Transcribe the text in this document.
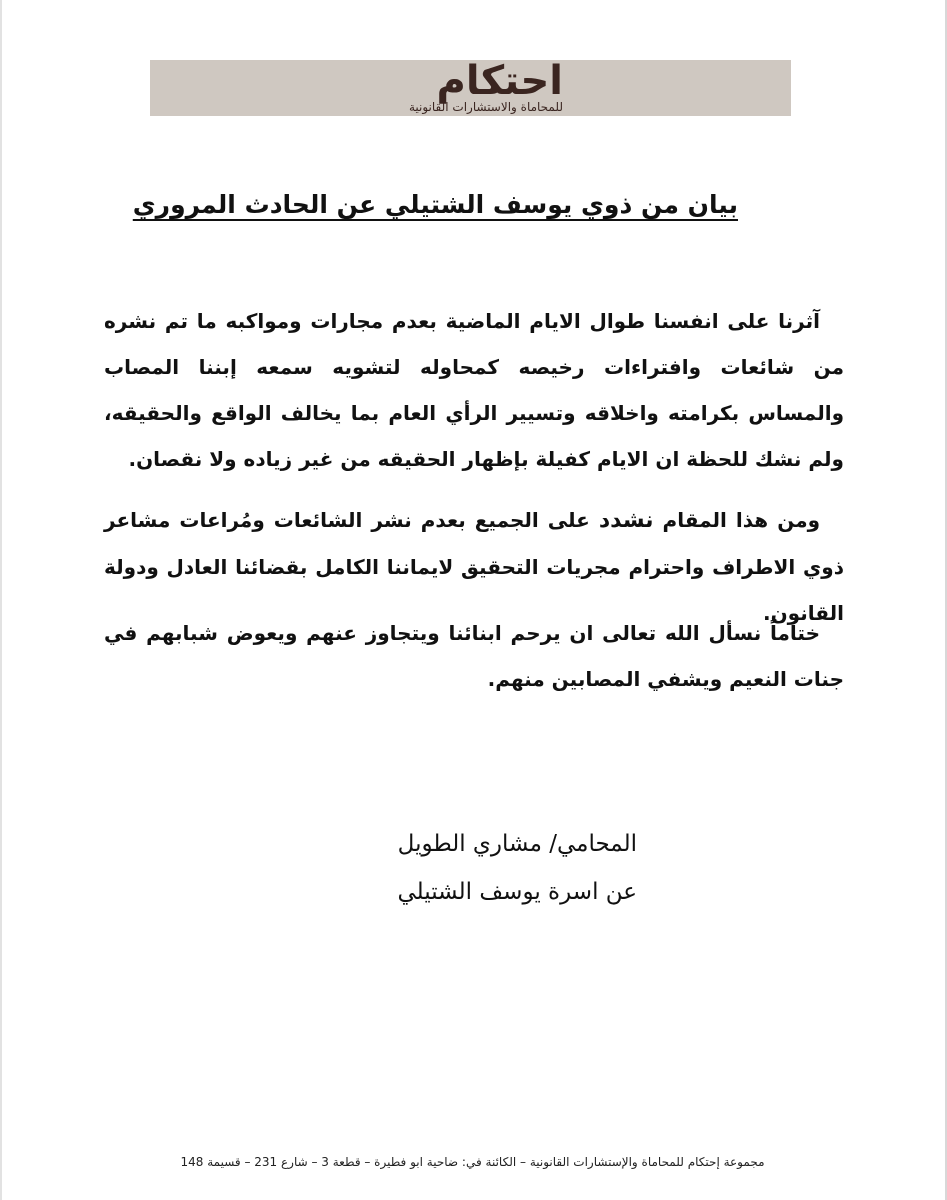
احتكام
للمحاماة والاستشارات القانونية
بيان من ذوي يوسف الشتيلي عن الحادث المروري

آثرنا على انفسنا طوال الايام الماضية بعدم مجارات ومواكبه ما تم نشره من شائعات وافتراءات رخيصه كمحاوله لتشويه سمعه إبننا المصاب والمساس بكرامته واخلاقه وتسيير الرأي العام بما يخالف الواقع والحقيقه، ولم نشك للحظة ان الايام كفيلة بإظهار الحقيقه من غير زياده ولا نقصان.

ومن هذا المقام نشدد على الجميع بعدم نشر الشائعات ومُراعات مشاعر ذوي الاطراف واحترام مجريات التحقيق لايماننا الكامل بقضائنا العادل ودولة القانون.

ختاماً نسأل الله تعالى ان يرحم ابنائنا ويتجاوز عنهم ويعوض شبابهم في جنات النعيم ويشفي المصابين منهم.

المحامي/ مشاري الطويل
عن اسرة يوسف الشتيلي
مجموعة إحتكام للمحاماة والإستشارات القانونية – الكائنة في: ضاحية ابو فطيرة – قطعة 3 – شارع 231 – قسيمة 148
